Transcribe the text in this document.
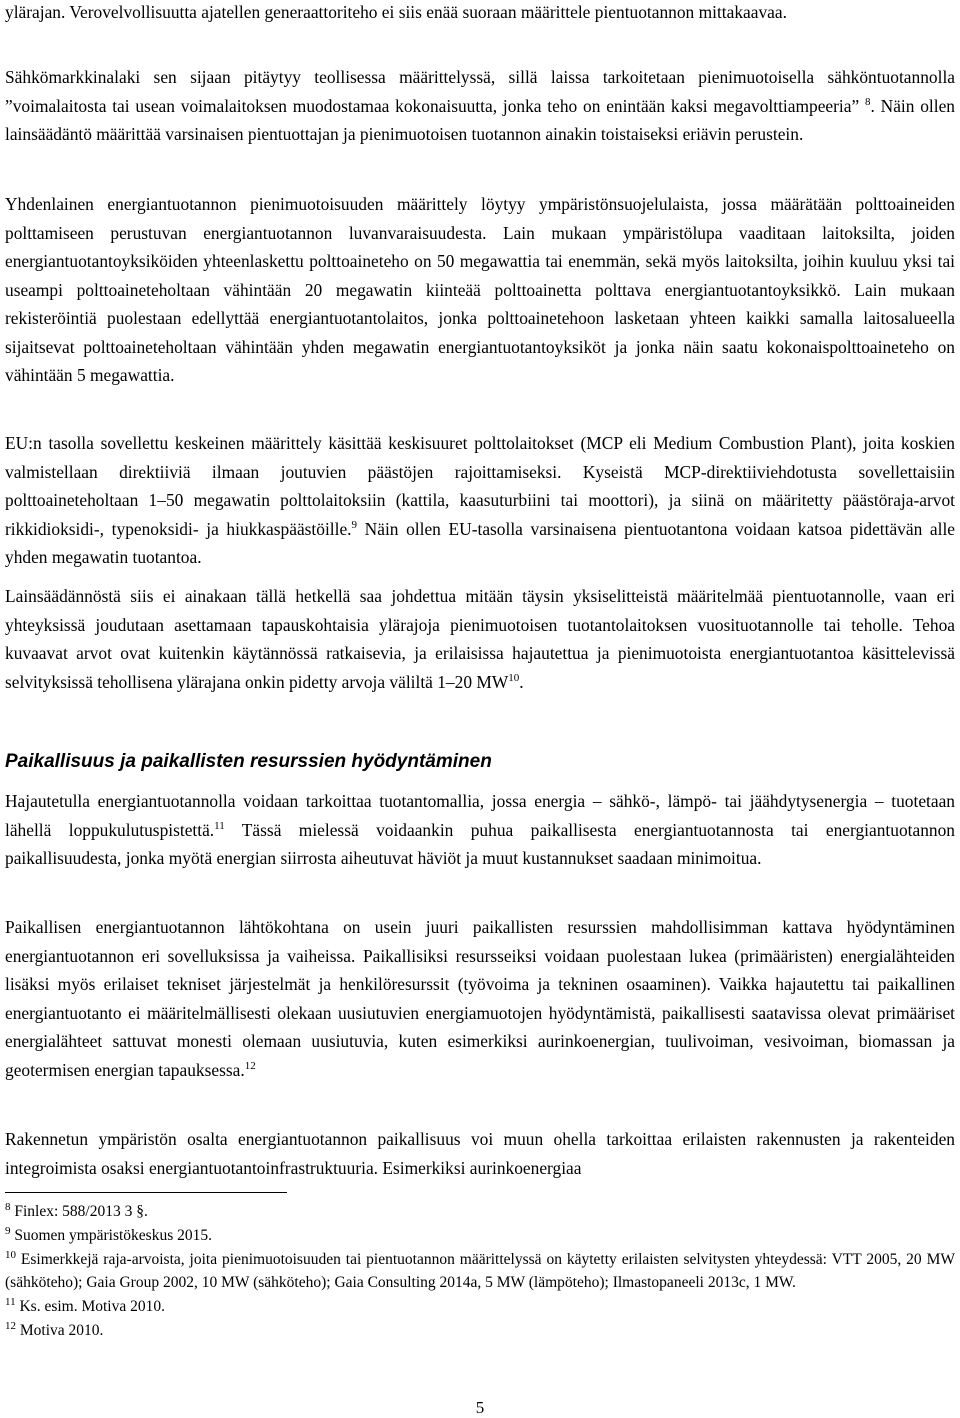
ylärajan. Verovelvollisuutta ajatellen generaattoriteho ei siis enää suoraan määrittele pientuotannon mittakaavaa.

Sähkömarkkinalaki sen sijaan pitäytyy teollisessa määrittelyssä, sillä laissa tarkoitetaan pienimuotoisella sähköntuotannolla ”voimalaitosta tai usean voimalaitoksen muodostamaa kokonaisuutta, jonka teho on enintään kaksi megavolttiampeeria” $^8$. Näin ollen lainsäädäntö määrittää varsinaisen pientuottajan ja pienimuotoisen tuotannon ainakin toistaiseksi eriävin perustein.

Yhdenlainen energiantuotannon pienimuotoisuuden määrittely löytyy ympäristönsuojelulaista, jossa määrätään polttoaineiden polttamiseen perustuvan energiantuotannon luvanvaraisuudesta. Lain mukaan ympäristölupa vaaditaan laitoksilta, joiden energiantuotantoyksiköiden yhteenlaskettu polttoaineteho on 50 megawattia tai enemmän, sekä myös laitoksilta, joihin kuuluu yksi tai useampi polttoaineteholtaan vähintään 20 megawatin kiinteää polttoainetta polttava energiantuotantoyksikkö. Lain mukaan rekisteröintiä puolestaan edellyttää energiantuotantolaitos, jonka polttoainetehoon lasketaan yhteen kaikki samalla laitosalueella sijaitsevat polttoaineteholtaan vähintään yhden megawatin energiantuotantoyksiköt ja jonka näin saatu kokonaispolttoaineteho on vähintään 5 megawattia.

EU:n tasolla sovellettu keskeinen määrittely käsittää keskisuuret polttolaitokset (MCP eli Medium Combustion Plant), joita koskien valmistellaan direktiiviä ilmaan joutuvien päästöjen rajoittamiseksi. Kyseistä MCP-direktiiviehdotusta sovellettaisiin polttoaineteholtaan 1–50 megawatin polttolaitoksiin (kattila, kaasuturbiini tai moottori), ja siinä on määritetty päästöraja-arvot rikkidioksidi-, typenoksidi- ja hiukkaspäästöille.$^9$ Näin ollen EU-tasolla varsinaisena pientuotantona voidaan katsoa pidettävän alle yhden megawatin tuotantoa.

Lainsäädännöstä siis ei ainakaan tällä hetkellä saa johdettua mitään täysin yksiselitteistä määritelmää pientuotannolle, vaan eri yhteyksissä joudutaan asettamaan tapauskohtaisia ylärajoja pienimuotoisen tuotantolaitoksen vuosituotannolle tai teholle. Tehoa kuvaavat arvot ovat kuitenkin käytännössä ratkaisevia, ja erilaisissa hajautettua ja pienimuotoista energiantuotantoa käsittelevissä selvityksissä tehollisena ylärajana onkin pidetty arvoja väliltä 1–20 MW$^{10}$.

Paikallisuus ja paikallisten resurssien hyödyntäminen

Hajautetulla energiantuotannolla voidaan tarkoittaa tuotantomallia, jossa energia – sähkö-, lämpö- tai jäähdytysenergia – tuotetaan lähellä loppukulutuspistettä.$^{11}$ Tässä mielessä voidaankin puhua paikallisesta energiantuotannosta tai energiantuotannon paikallisuudesta, jonka myötä energian siirrosta aiheutuvat häviöt ja muut kustannukset saadaan minimoitua.

Paikallisen energiantuotannon lähtökohtana on usein juuri paikallisten resurssien mahdollisimman kattava hyödyntäminen energiantuotannon eri sovelluksissa ja vaiheissa. Paikallisiksi resursseiksi voidaan puolestaan lukea (primääristen) energialähteiden lisäksi myös erilaiset tekniset järjestelmät ja henkilöresurssit (työvoima ja tekninen osaaminen). Vaikka hajautettu tai paikallinen energiantuotanto ei määritelmällisesti olekaan uusiutuvien energiamuotojen hyödyntämistä, paikallisesti saatavissa olevat primääriset energialähteet sattuvat monesti olemaan uusiutuvia, kuten esimerkiksi aurinkoenergian, tuulivoiman, vesivoiman, biomassan ja geotermisen energian tapauksessa.$^{12}$

Rakennetun ympäristön osalta energiantuotannon paikallisuus voi muun ohella tarkoittaa erilaisten rakennusten ja rakenteiden integroimista osaksi energiantuotantoinfrastruktuuria. Esimerkiksi aurinkoenergiaa

$^8$ Finlex: 588/2013 3 §.
$^9$ Suomen ympäristökeskus 2015.
$^{10}$ Esimerkkejä raja-arvoista, joita pienimuotoisuuden tai pientuotannon määrittelyssä on käytetty erilaisten selvitysten yhteydessä: VTT 2005, 20 MW (sähköteho); Gaia Group 2002, 10 MW (sähköteho); Gaia Consulting 2014a, 5 MW (lämpöteho); Ilmastopaneeli 2013c, 1 MW.
$^{11}$ Ks. esim. Motiva 2010.
$^{12}$ Motiva 2010.
5
